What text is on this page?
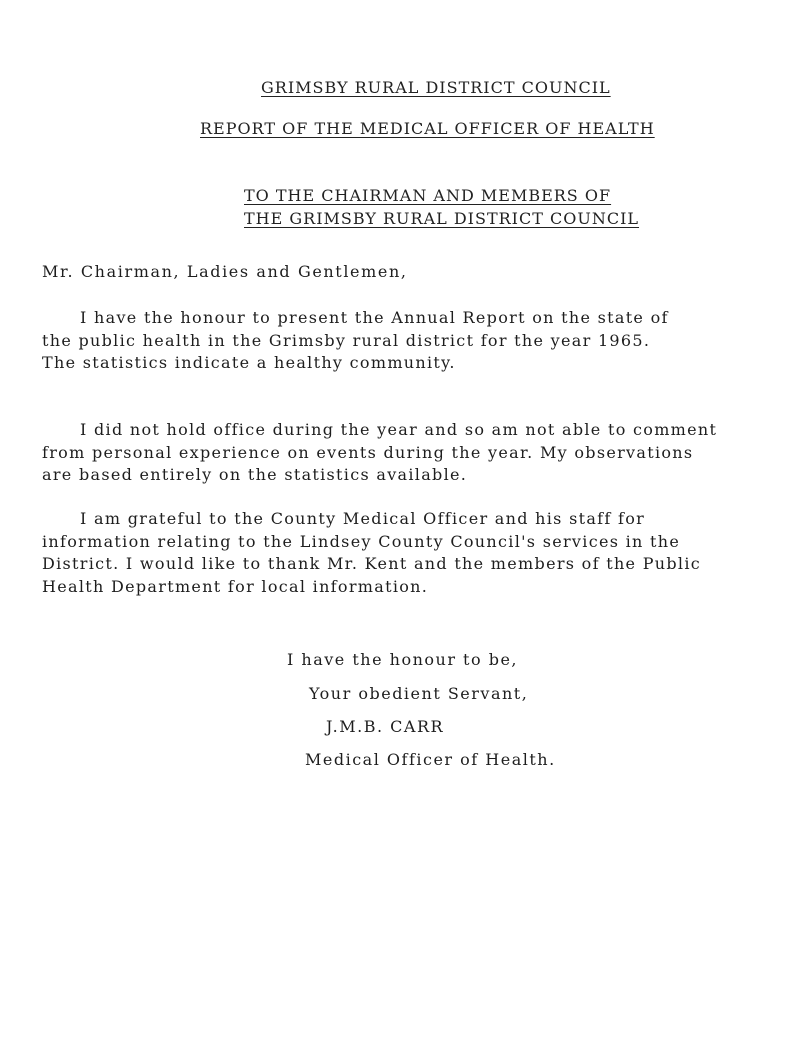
GRIMSBY RURAL DISTRICT COUNCIL
REPORT OF THE MEDICAL OFFICER OF HEALTH
TO THE CHAIRMAN AND MEMBERS OF
THE GRIMSBY RURAL DISTRICT COUNCIL
Mr. Chairman, Ladies and Gentlemen,

I have the honour to present the Annual Report on the state of
the public health in the Grimsby rural district for the year 1965.
The statistics indicate a healthy community.

I did not hold office during the year and so am not able to comment
from personal experience on events during the year. My observations
are based entirely on the statistics available.

I am grateful to the County Medical Officer and his staff for
information relating to the Lindsey County Council's services in the
District. I would like to thank Mr. Kent and the members of the Public
Health Department for local information.

I have the honour to be,
Your obedient Servant,
J.M.B. CARR
Medical Officer of Health.
